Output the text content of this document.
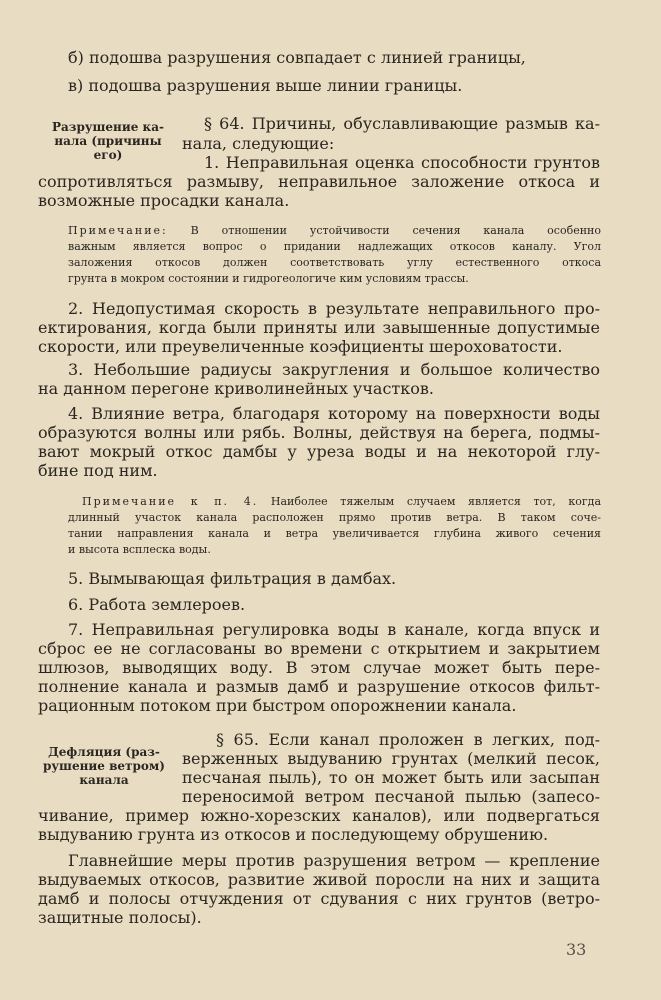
б) подошва разрушения совпадает с линией границы,
в) подошва разрушения выше линии границы.
Разрушение ка-
нала (причины
его)
§ 64. Причины, обуславливающие размыв ка-
нала, следующие:
1. Неправильная оценка способности грунтов
сопротивляться размыву, неправильное заложение откоса и
возможные просадки канала.
Примечание: В отношении устойчивости сечения канала особенно
важным является вопрос о придании надлежащих откосов каналу. Угол
заложения откосов должен соответствовать углу естественного откоса
грунта в мокром состоянии и гидрогеологиче ким условиям трассы.
2. Недопустимая скорость в результате неправильного про-
ектирования, когда были приняты или завышенные допустимые
скорости, или преувеличенные коэфициенты шероховатости.
3. Небольшие радиусы закругления и большое количество
на данном перегоне криволинейных участков.
4. Влияние ветра, благодаря которому на поверхности воды
образуются волны или рябь. Волны, действуя на берега, подмы-
вают мокрый откос дамбы у уреза воды и на некоторой глу-
бине под ним.
Примечание к п. 4. Наиболее тяжелым случаем является тот, когда
длинный участок канала расположен прямо против ветра. В таком соче-
тании направления канала и ветра увеличивается глубина живого сечения
и высота всплеска воды.
5. Вымывающая фильтрация в дамбах.
6. Работа землероев.
7. Неправильная регулировка воды в канале, когда впуск и
сброс ее не согласованы во времени с открытием и закрытием
шлюзов, выводящих воду. В этом случае может быть пере-
полнение канала и размыв дамб и разрушение откосов фильт-
рационным потоком при быстром опорожнении канала.
Дефляция (раз-
рушение ветром)
канала
§ 65. Если канал проложен в легких, под-
верженных выдуванию грунтах (мелкий песок,
песчаная пыль), то он может быть или засыпан
переносимой ветром песчаной пылью (запесо-
чивание, пример южно-хорезских каналов), или подвергаться
выдуванию грунта из откосов и последующему обрушению.
Главнейшие меры против разрушения ветром — крепление
выдуваемых откосов, развитие живой поросли на них и защита
дамб и полосы отчуждения от сдувания с них грунтов (ветро-
защитные полосы).
33
